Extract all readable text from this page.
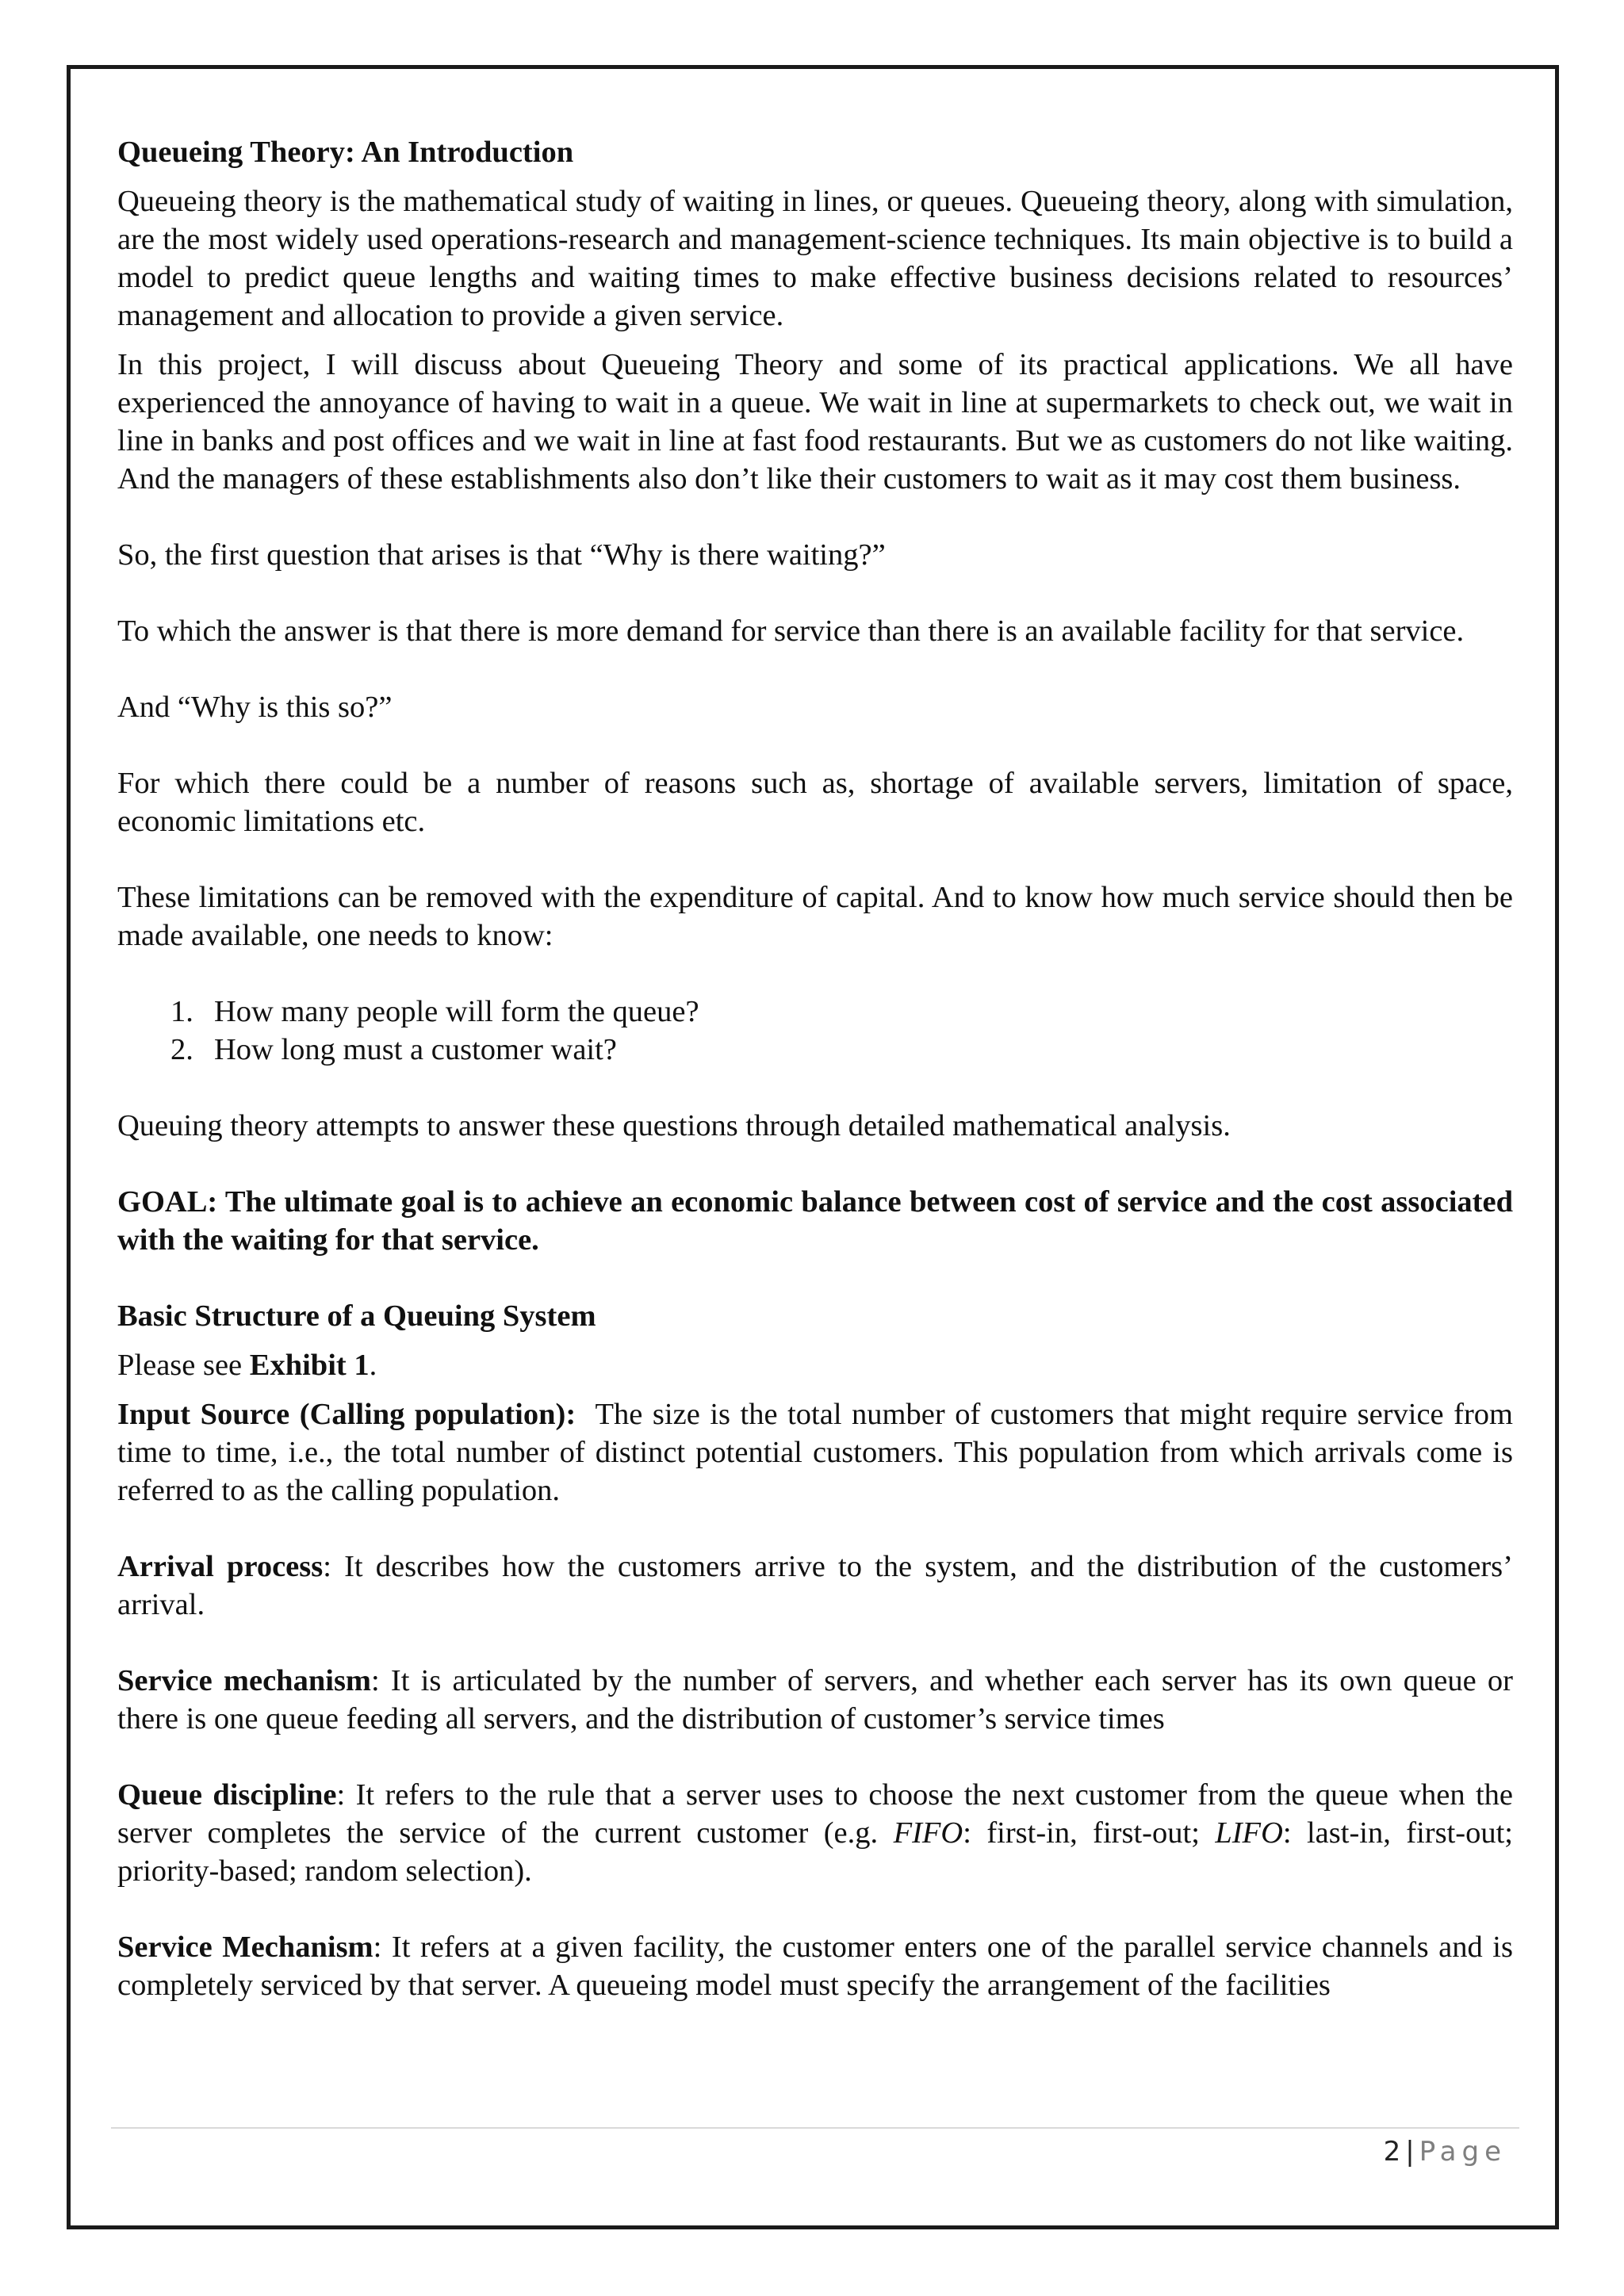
Queueing Theory: An Introduction

Queueing theory is the mathematical study of waiting in lines, or queues. Queueing theory, along with simulation, are the most widely used operations-research and management-science techniques. Its main objective is to build a model to predict queue lengths and waiting times to make effective business decisions related to resources’ management and allocation to provide a given service.

In this project, I will discuss about Queueing Theory and some of its practical applications. We all have experienced the annoyance of having to wait in a queue. We wait in line at supermarkets to check out, we wait in line in banks and post offices and we wait in line at fast food restaurants. But we as customers do not like waiting. And the managers of these establishments also don’t like their customers to wait as it may cost them business.

So, the first question that arises is that “Why is there waiting?”

To which the answer is that there is more demand for service than there is an available facility for that service.

And “Why is this so?”

For which there could be a number of reasons such as, shortage of available servers, limitation of space, economic limitations etc.

These limitations can be removed with the expenditure of capital. And to know how much service should then be made available, one needs to know:

1. How many people will form the queue?
2. How long must a customer wait?

Queuing theory attempts to answer these questions through detailed mathematical analysis.

GOAL: The ultimate goal is to achieve an economic balance between cost of service and the cost associated with the waiting for that service.

Basic Structure of a Queuing System

Please see Exhibit 1.

Input Source (Calling population):  The size is the total number of customers that might require service from time to time, i.e., the total number of distinct potential customers. This population from which arrivals come is referred to as the calling population.

Arrival process: It describes how the customers arrive to the system, and the distribution of the customers’ arrival.

Service mechanism: It is articulated by the number of servers, and whether each server has its own queue or there is one queue feeding all servers, and the distribution of customer’s service times

Queue discipline: It refers to the rule that a server uses to choose the next customer from the queue when the server completes the service of the current customer (e.g. FIFO: first-in, first-out; LIFO: last-in, first-out; priority-based; random selection).

Service Mechanism: It refers at a given facility, the customer enters one of the parallel service channels and is completely serviced by that server. A queueing model must specify the arrangement of the facilities

2 | Page
